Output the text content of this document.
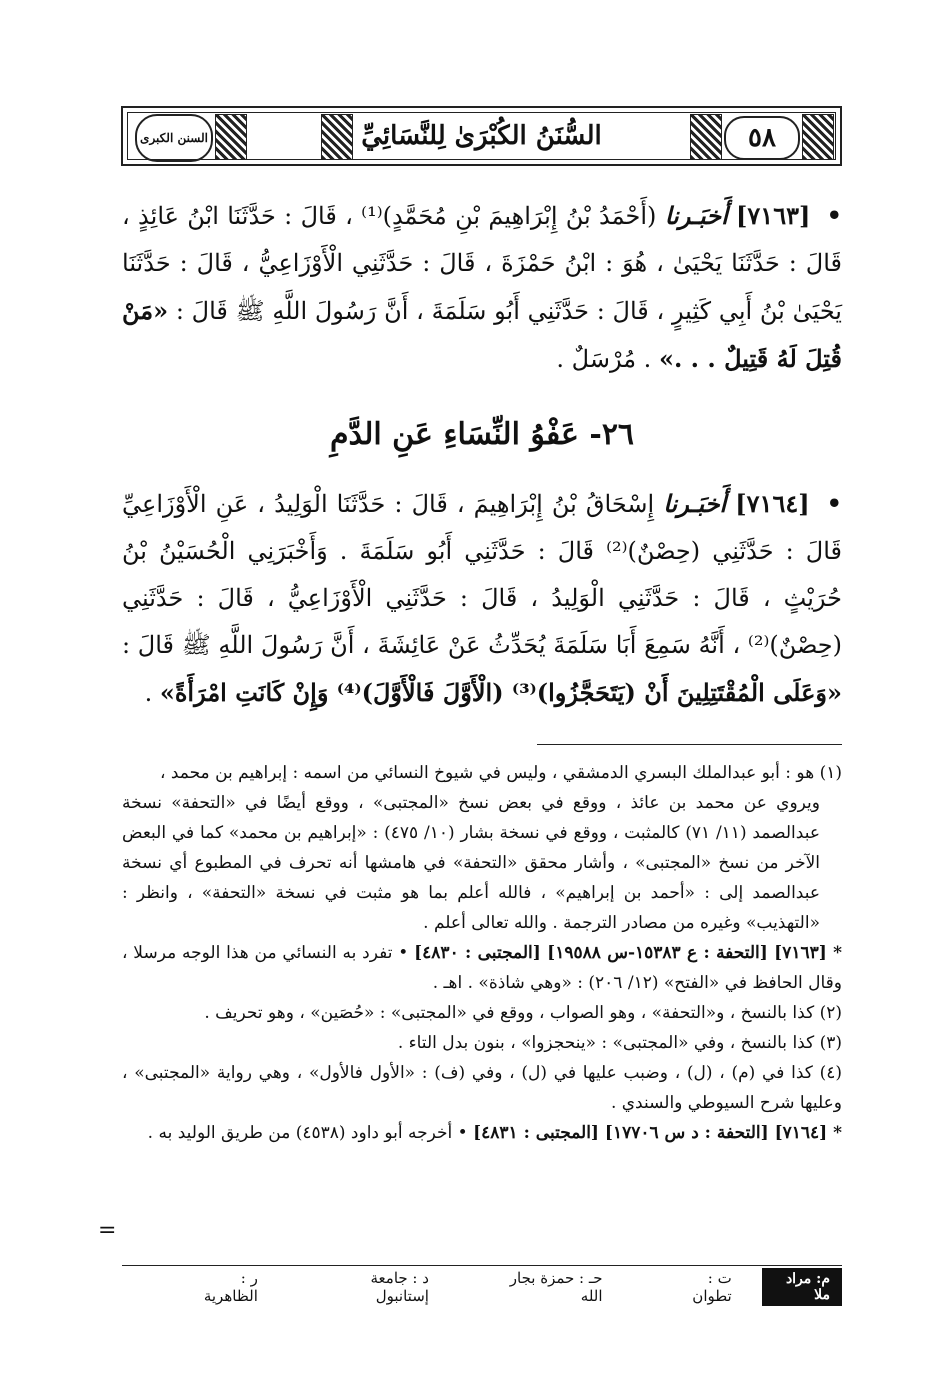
السنن الكبرى	السُّنَنُ الكُبْرَىٰ لِلنَّسَائِيِّ	٥٨
• [٧١٦٣] أَخبَـرنا (أَحْمَدُ بْنُ إِبْرَاهِيمَ بْنِ مُحَمَّدٍ)⁽¹⁾ ، قَالَ : حَدَّثَنَا ابْنُ عَائِذٍ ، قَالَ : حَدَّثَنَا يَحْيَىٰ ، هُوَ : ابْنُ حَمْزَةَ ، قَالَ : حَدَّثَنِي الْأَوْزَاعِيُّ ، قَالَ : حَدَّثَنَا يَحْيَىٰ بْنُ أَبِي كَثِيرٍ ، قَالَ : حَدَّثَنِي أَبُو سَلَمَةَ ، أَنَّ رَسُولَ اللَّهِ ﷺ قَالَ : «مَنْ قُتِلَ لَهُ قَتِيلٌ . . .» . مُرْسَلٌ .
٢٦- عَفْوُ النِّسَاءِ عَنِ الدَّمِ
• [٧١٦٤] أَخبَـرنا إِسْحَاقُ بْنُ إِبْرَاهِيمَ ، قَالَ : حَدَّثَنَا الْوَلِيدُ ، عَنِ الْأَوْزَاعِيِّ قَالَ : حَدَّثَنِي (حِصْنٌ)⁽²⁾ قَالَ : حَدَّثَنِي أَبُو سَلَمَةَ . وَأَخْبَرَنِي الْحُسَيْنُ بْنُ حُرَيْثٍ ، قَالَ : حَدَّثَنِي الْوَلِيدُ ، قَالَ : حَدَّثَنِي الْأَوْزَاعِيُّ ، قَالَ : حَدَّثَنِي (حِصْنٌ)⁽²⁾ ، أَنَّهُ سَمِعَ أَبَا سَلَمَةَ يُحَدِّثُ عَنْ عَائِشَةَ ، أَنَّ رَسُولَ اللَّهِ ﷺ قَالَ : «وَعَلَى الْمُقْتَتِلِينَ أَنْ (يَتَحَجَّزُوا)⁽³⁾ (الْأَوَّلَ فَالْأَوَّلَ)⁽⁴⁾ وَإِنْ كَانَتِ امْرَأَةً» .

(١) هو : أبو عبدالملك البسري الدمشقي ، وليس في شيوخ النسائي من اسمه : إبراهيم بن محمد ،

ويروي عن محمد بن عائذ ، ووقع في بعض نسخ «المجتبى» ، ووقع أيضًا في «التحفة» نسخة عبدالصمد (١١/ ٧١) كالمثبت ، ووقع في نسخة بشار (١٠/ ٤٧٥) : «إبراهيم بن محمد» كما في البعض الآخر من نسخ «المجتبى» ، وأشار محقق «التحفة» في هامشها أنه تحرف في المطبوع أي نسخة عبدالصمد إلى : «أحمد بن إبراهيم» ، فالله أعلم بما هو مثبت في نسخة «التحفة» ، وانظر : «التهذيب» وغيره من مصادر الترجمة . والله تعالى أعلم .

* [٧١٦٣] [التحفة : ع ١٥٣٨٣-س ١٩٥٨٨] [المجتبى : ٤٨٣٠] • تفرد به النسائي من هذا الوجه مرسلا ، وقال الحافظ في «الفتح» (١٢/ ٢٠٦) : «وهي شاذة» . اهـ .

(٢) كذا بالنسخ ، و«التحفة» ، وهو الصواب ، ووقع في «المجتبى» : «حُصَين» ، وهو تحريف .

(٣) كذا بالنسخ ، وفي «المجتبى» : «ينحجزوا» ، بنون بدل التاء .

(٤) كذا في (م) ، (ل) ، وضبب عليها في (ل) ، وفي (ف) : «الأول فالأول» ، وهي رواية «المجتبى» ، وعليها شرح السيوطي والسندي .

* [٧١٦٤] [التحفة : د س ١٧٧٠٦] [المجتبى : ٤٨٣١] • أخرجه أبو داود (٤٥٣٨) من طريق الوليد به .

=
م: مراد ملا
ت : تطوان
حـ : حمزة بجار الله
د : جامعة إستانبول
ر : الظاهرية
